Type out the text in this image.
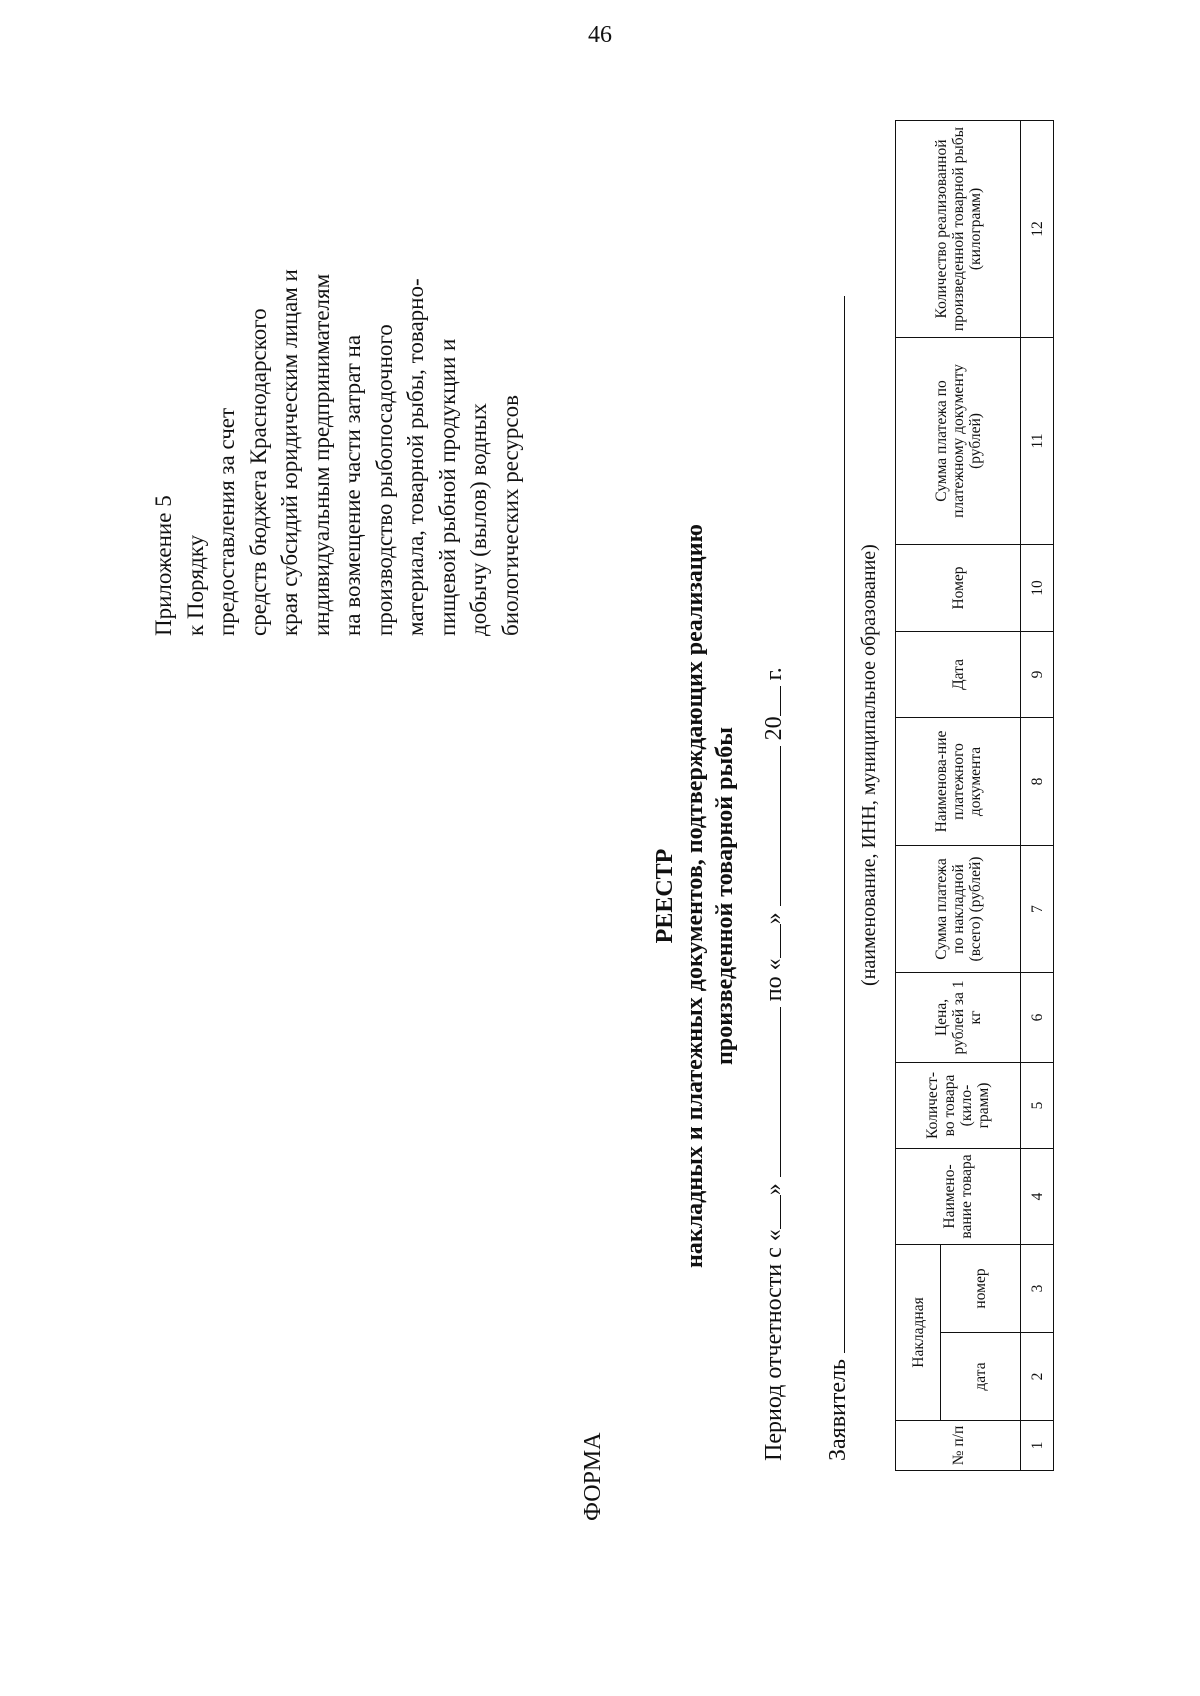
46
Приложение 5 к Порядку предоставления за счет средств бюджета Краснодарского края субсидий юридическим лицам и индивидуальным предпринимателям на возмещение части затрат на производство рыбопосадочного материала, товарной рыбы, товарно- пищевой рыбной продукции и добычу (вылов) водных биологических ресурсов
ФОРМА
РЕЕСТР накладных и платежных документов, подтверждающих реализацию произведенной товарной рыбы
Период отчетности с «»  по «»  20 г.
Заявитель
(наименование, ИНН, муниципальное образование)
№ п/п	Накладная		Наимено-вание товара	Количест-во товара (кило-грамм)	Цена, рублей за 1 кг	Сумма платежа по накладной (всего) (рублей)	Наименова-ние платежного документа	Дата	Номер	Сумма платежа по платежному документу (рублей)	Количество реализованной произведенной товарной рыбы (килограмм)
	дата	номер									
1	2	3	4	5	6	7	8	9	10	11	12
